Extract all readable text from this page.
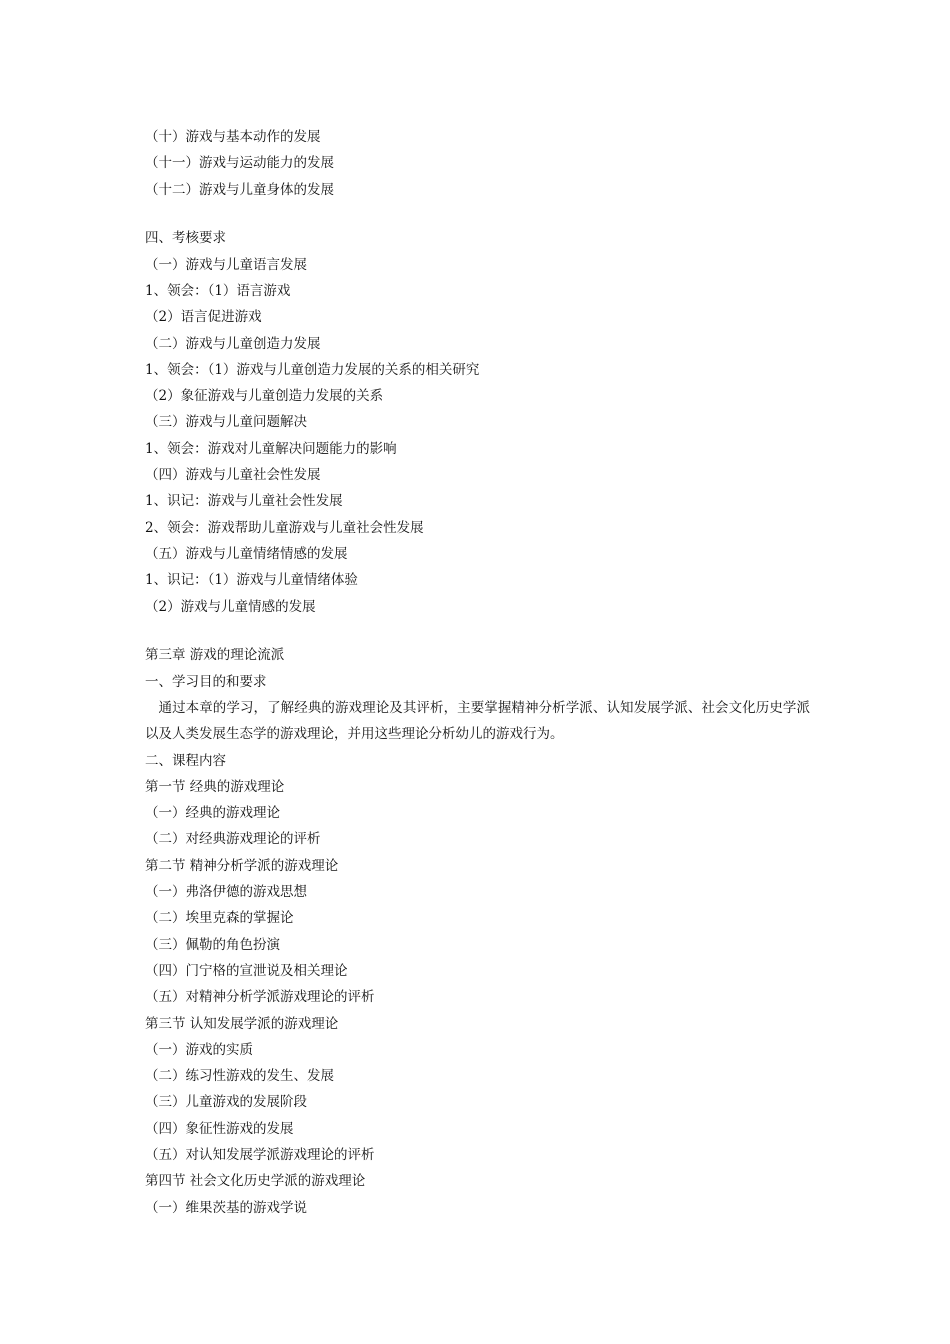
（十）游戏与基本动作的发展

（十一）游戏与运动能力的发展

（十二）游戏与儿童身体的发展

四、考核要求

（一）游戏与儿童语言发展

1、领会：（1）语言游戏

（2）语言促进游戏

（二）游戏与儿童创造力发展

1、领会：（1）游戏与儿童创造力发展的关系的相关研究

（2）象征游戏与儿童创造力发展的关系

（三）游戏与儿童问题解决

1、领会：游戏对儿童解决问题能力的影响

（四）游戏与儿童社会性发展

1、识记：游戏与儿童社会性发展

2、领会：游戏帮助儿童游戏与儿童社会性发展

（五）游戏与儿童情绪情感的发展

1、识记：（1）游戏与儿童情绪体验

（2）游戏与儿童情感的发展

第三章 游戏的理论流派

一、学习目的和要求

通过本章的学习，了解经典的游戏理论及其评析，主要掌握精神分析学派、认知发展学派、社会文化历史学派以及人类发展生态学的游戏理论，并用这些理论分析幼儿的游戏行为。

二、课程内容

第一节 经典的游戏理论

（一）经典的游戏理论

（二）对经典游戏理论的评析

第二节 精神分析学派的游戏理论

（一）弗洛伊德的游戏思想

（二）埃里克森的掌握论

（三）佩勒的角色扮演

（四）门宁格的宣泄说及相关理论

（五）对精神分析学派游戏理论的评析

第三节 认知发展学派的游戏理论

（一）游戏的实质

（二）练习性游戏的发生、发展

（三）儿童游戏的发展阶段

（四）象征性游戏的发展

（五）对认知发展学派游戏理论的评析

第四节 社会文化历史学派的游戏理论

（一）维果茨基的游戏学说
